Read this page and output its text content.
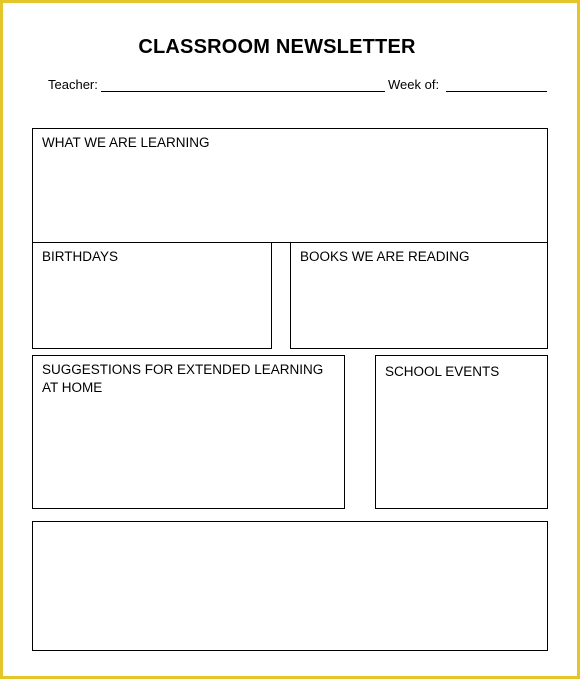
CLASSROOM NEWSLETTER
Teacher:	Week of:
WHAT WE ARE LEARNING
BIRTHDAYS	BOOKS WE ARE READING
SUGGESTIONS FOR EXTENDED LEARNING AT HOME
SCHOOL EVENTS
